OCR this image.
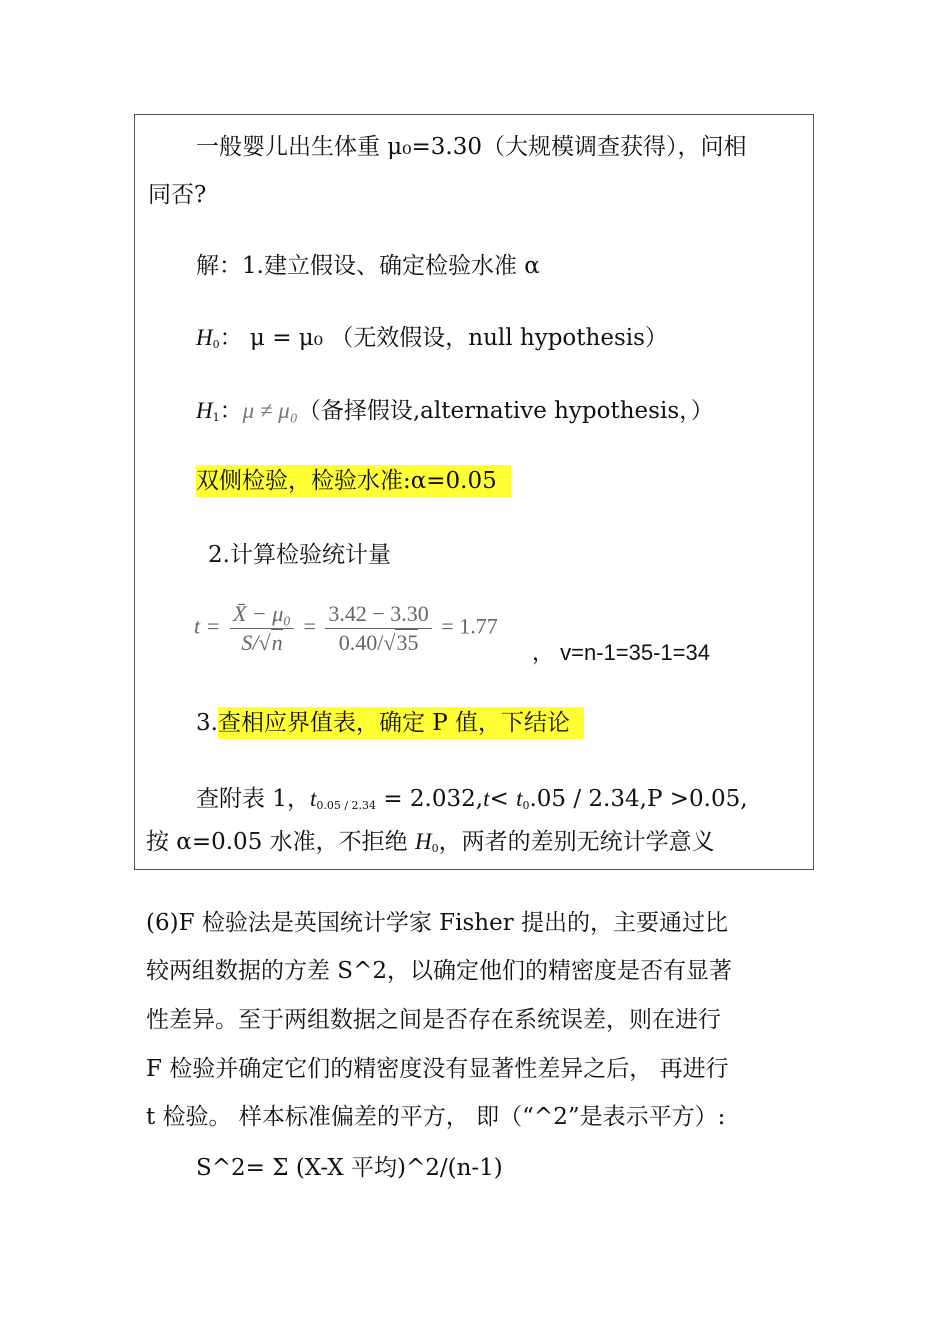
一般婴儿出生体重 μ₀=3.30（大规模调查获得），问相
同否?
解：1.建立假设、确定检验水准 α
$H_0$： μ = μ₀ （无效假设，null hypothesis）
$H_1$：μ ≠ μ₀（备择假设,alternative hypothesis，）
双侧检验，检验水准:α=0.05
2.计算检验统计量
$t = \frac{\text{X̄ − μ₀}}{S/√n} = \frac{3.42 - 3.30}{0.40/√35} = 1.77$
， v=n-1=35-1=34
3.查相应界值表，确定 P 值，下结论
查附表 1，$t_{0.05 / 2.34} = 2.032,t< t_0.05 / 2.34,P >0.05$,
按 α=0.05 水准，不拒绝 $H_0$，两者的差别无统计学意义
(6)F 检验法是英国统计学家 Fisher 提出的，主要通过比
较两组数据的方差 S^2，以确定他们的精密度是否有显著
性差异。至于两组数据之间是否存在系统误差，则在进行
F 检验并确定它们的精密度没有显著性差异之后， 再进行
t 检验。 样本标准偏差的平方， 即（“^2”是表示平方）:
S^2= Σ (X-X 平均)^2/(n-1)
